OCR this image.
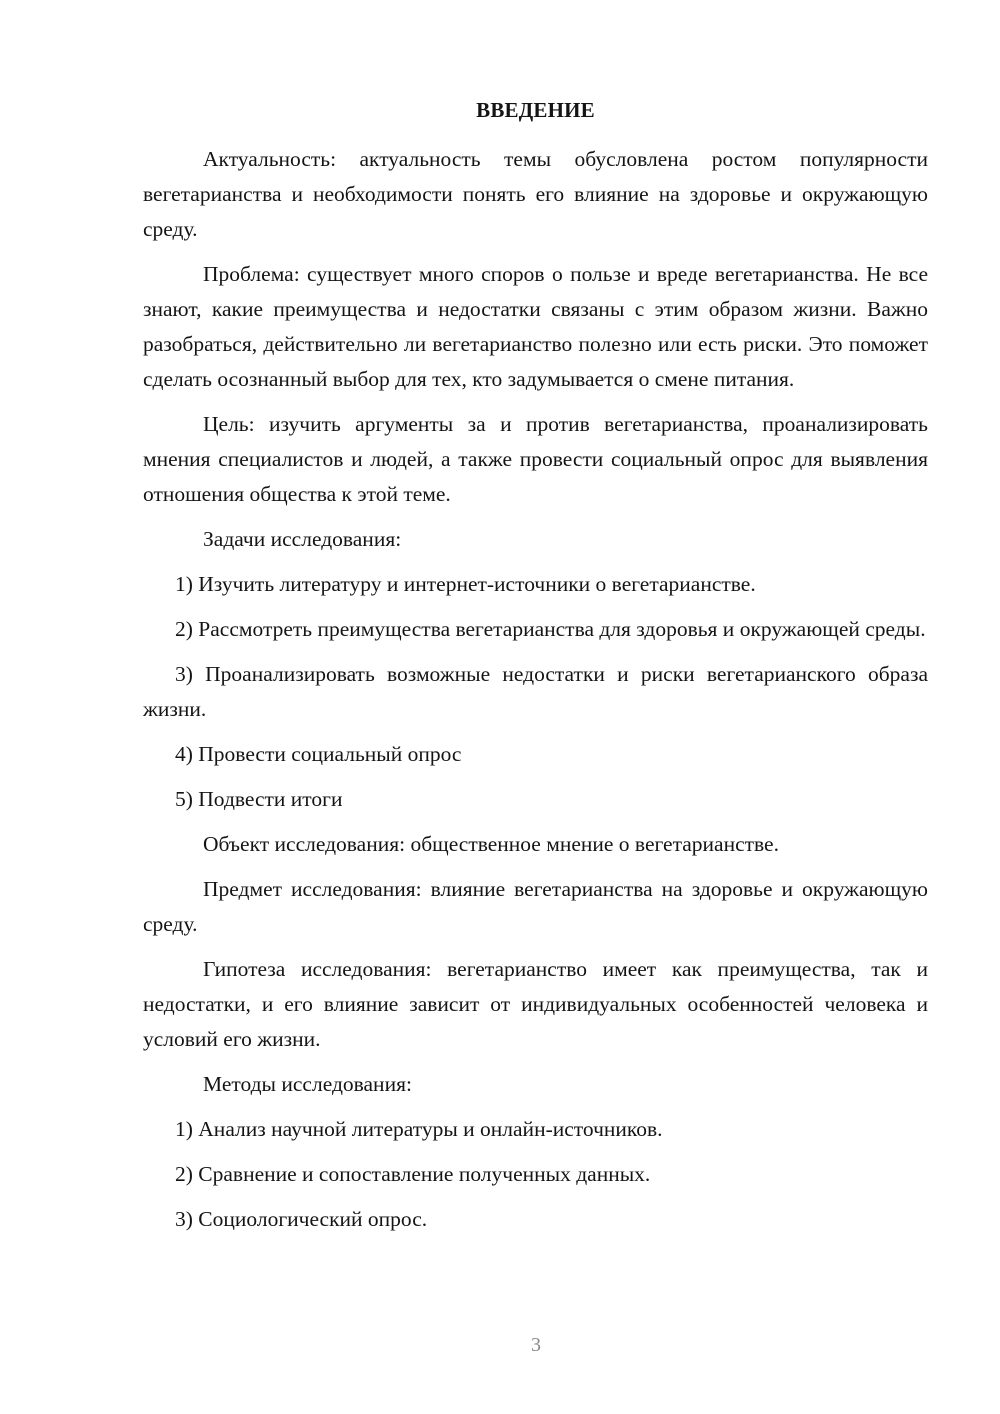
ВВЕДЕНИЕ

Актуальность: актуальность темы обусловлена ростом популярности вегетарианства и необходимости понять его влияние на здоровье и окружающую среду.

Проблема: существует много споров о пользе и вреде вегетарианства. Не все знают, какие преимущества и недостатки связаны с этим образом жизни. Важно разобраться, действительно ли вегетарианство полезно или есть риски. Это поможет сделать осознанный выбор для тех, кто задумывается о смене питания.

Цель: изучить аргументы за и против вегетарианства, проанализировать мнения специалистов и людей, а также провести социальный опрос для выявления отношения общества к этой теме.

Задачи исследования:

1) Изучить литературу и интернет-источники о вегетарианстве.

2) Рассмотреть преимущества вегетарианства для здоровья и окружающей среды.

3) Проанализировать возможные недостатки и риски вегетарианского образа жизни.

4) Провести социальный опрос

5) Подвести итоги

Объект исследования: общественное мнение о вегетарианстве.

Предмет исследования: влияние вегетарианства на здоровье и окружающую среду.

Гипотеза исследования: вегетарианство имеет как преимущества, так и недостатки, и его влияние зависит от индивидуальных особенностей человека и условий его жизни.

Методы исследования:

1) Анализ научной литературы и онлайн-источников.

2) Сравнение и сопоставление полученных данных.

3) Социологический опрос.

3
